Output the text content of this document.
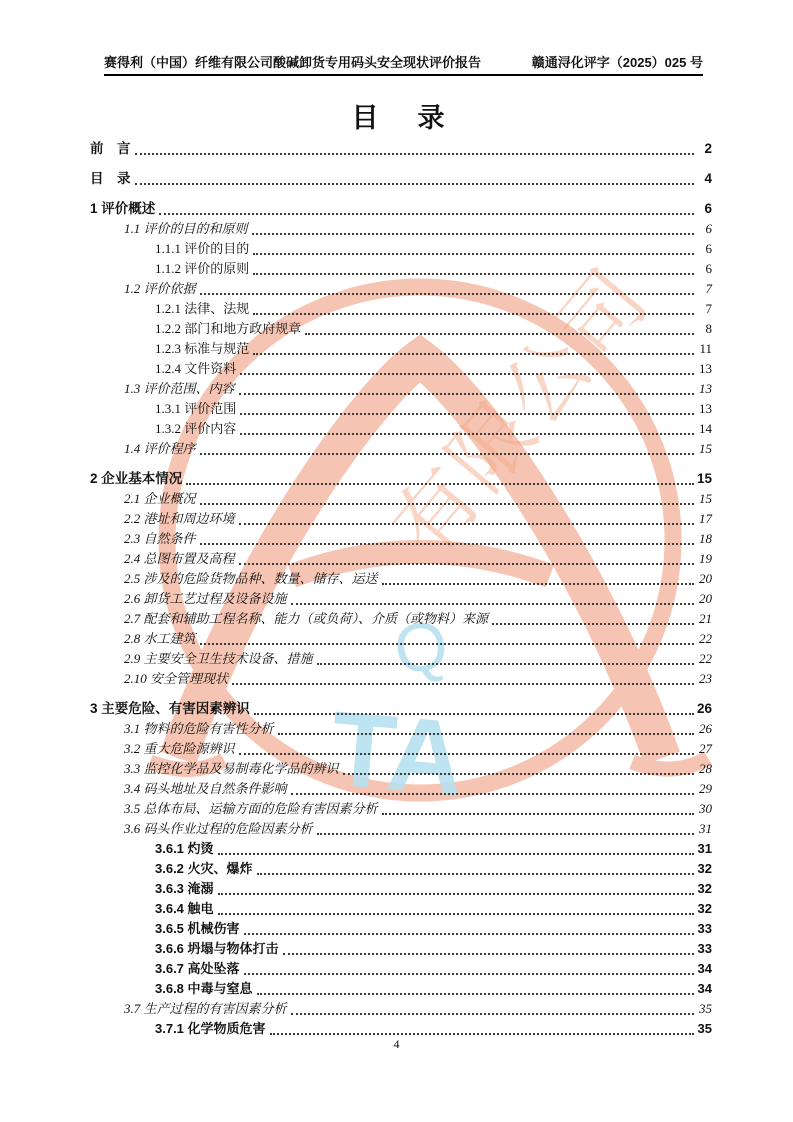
有限公司
Q
TA
赛得利（中国）纤维有限公司酸碱卸货专用码头安全现状评价报告	赣通浔化评字（2025）025 号
目　录
前　言	2
目　录	4
1 评价概述	6
1.1 评价的目的和原则	6
1.1.1 评价的目的	6
1.1.2 评价的原则	6
1.2 评价依据	7
1.2.1 法律、法规	7
1.2.2 部门和地方政府规章	8
1.2.3 标准与规范	11
1.2.4 文件资料	13
1.3 评价范围、内容	13
1.3.1 评价范围	13
1.3.2 评价内容	14
1.4 评价程序	15
2 企业基本情况	15
2.1 企业概况	15
2.2 港址和周边环境	17
2.3 自然条件	18
2.4 总图布置及高程	19
2.5 涉及的危险货物品种、数量、储存、运送	20
2.6 卸货工艺过程及设备设施	20
2.7 配套和辅助工程名称、能力（或负荷）、介质（或物料）来源	21
2.8 水工建筑	22
2.9 主要安全卫生技术设备、措施	22
2.10 安全管理现状	23
3 主要危险、有害因素辨识	26
3.1 物料的危险有害性分析	26
3.2 重大危险源辨识	27
3.3 监控化学品及易制毒化学品的辨识	28
3.4 码头地址及自然条件影响	29
3.5 总体布局、运输方面的危险有害因素分析	30
3.6 码头作业过程的危险因素分析	31
3.6.1 灼烫	31
3.6.2 火灾、爆炸	32
3.6.3 淹溺	32
3.6.4 触电	32
3.6.5 机械伤害	33
3.6.6 坍塌与物体打击	33
3.6.7 高处坠落	34
3.6.8 中毒与窒息	34
3.7 生产过程的有害因素分析	35
3.7.1 化学物质危害	35
4
